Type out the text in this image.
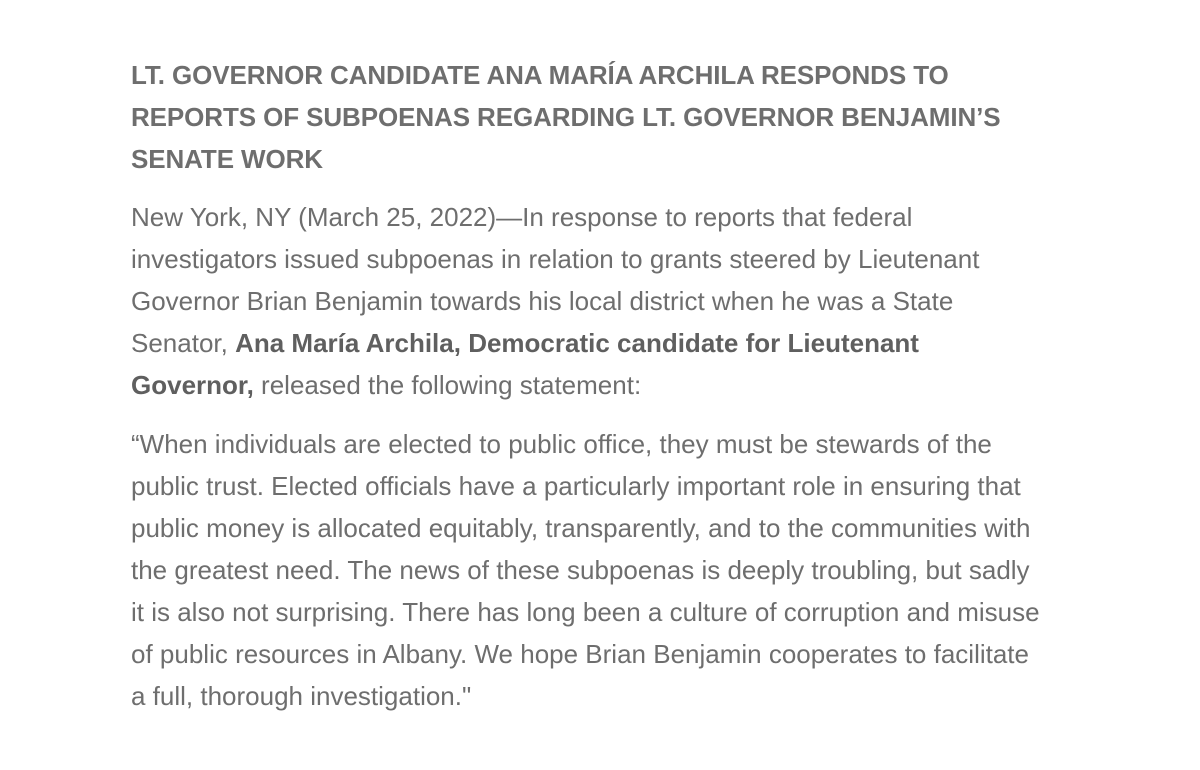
LT. GOVERNOR CANDIDATE ANA MARÍA ARCHILA RESPONDS TO
REPORTS OF SUBPOENAS REGARDING LT. GOVERNOR BENJAMIN’S
SENATE WORK

New York, NY (March 25, 2022)—In response to reports that federal
investigators issued subpoenas in relation to grants steered by Lieutenant
Governor Brian Benjamin towards his local district when he was a State
Senator, Ana María Archila, Democratic candidate for Lieutenant
Governor, released the following statement:

“When individuals are elected to public office, they must be stewards of the
public trust. Elected officials have a particularly important role in ensuring that
public money is allocated equitably, transparently, and to the communities with
the greatest need. The news of these subpoenas is deeply troubling, but sadly
it is also not surprising. There has long been a culture of corruption and misuse
of public resources in Albany. We hope Brian Benjamin cooperates to facilitate
a full, thorough investigation."
